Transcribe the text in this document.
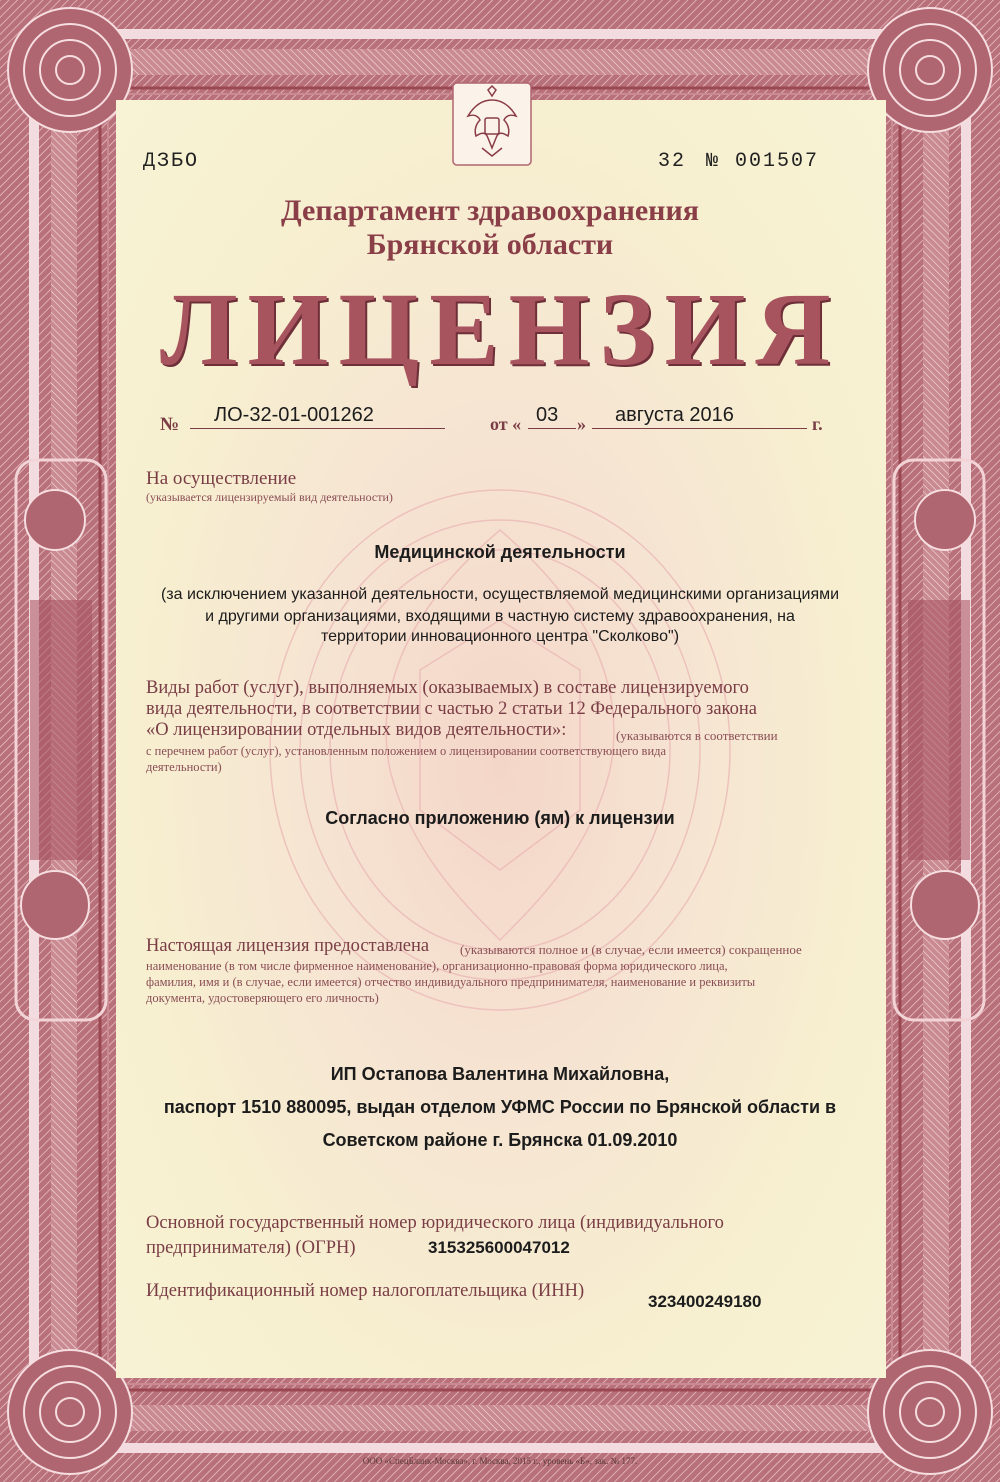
ДЗБО	32 № 001507
Департамент здравоохранения
Брянской области
ЛИЦЕНЗИЯ
№ ЛО-32-01-001262	от « 03 » августа 2016	г.
На осуществление
(указывается лицензируемый вид деятельности)
Медицинской деятельности
(за исключением указанной деятельности, осуществляемой медицинскими организациями
и другими организациями, входящими в частную систему здравоохранения, на
территории инновационного центра "Сколково")
Виды работ (услуг), выполняемых (оказываемых) в составе лицензируемого
вида деятельности, в соответствии с частью 2 статьи 12 Федерального закона
«О лицензировании отдельных видов деятельности»:	(указываются в соответствии
с перечнем работ (услуг), установленным положением о лицензировании соответствующего вида
деятельности)
Согласно приложению (ям) к лицензии
Настоящая лицензия предоставлена (указываются полное и (в случае, если имеется) сокращенное
наименование (в том числе фирменное наименование), организационно-правовая форма юридического лица,
фамилия, имя и (в случае, если имеется) отчество индивидуального предпринимателя, наименование и реквизиты
документа, удостоверяющего его личность)
ИП Остапова Валентина Михайловна,
паспорт 1510 880095, выдан отделом УФМС России по Брянской области в
Советском районе г. Брянска 01.09.2010
Основной государственный номер юридического лица (индивидуального
предпринимателя) (ОГРН)	315325600047012
Идентификационный номер налогоплательщика (ИНН)
323400249180
ООО «СпецБланк-Москва», г. Москва, 2015 г., уровень «Б», зак. № 177.
